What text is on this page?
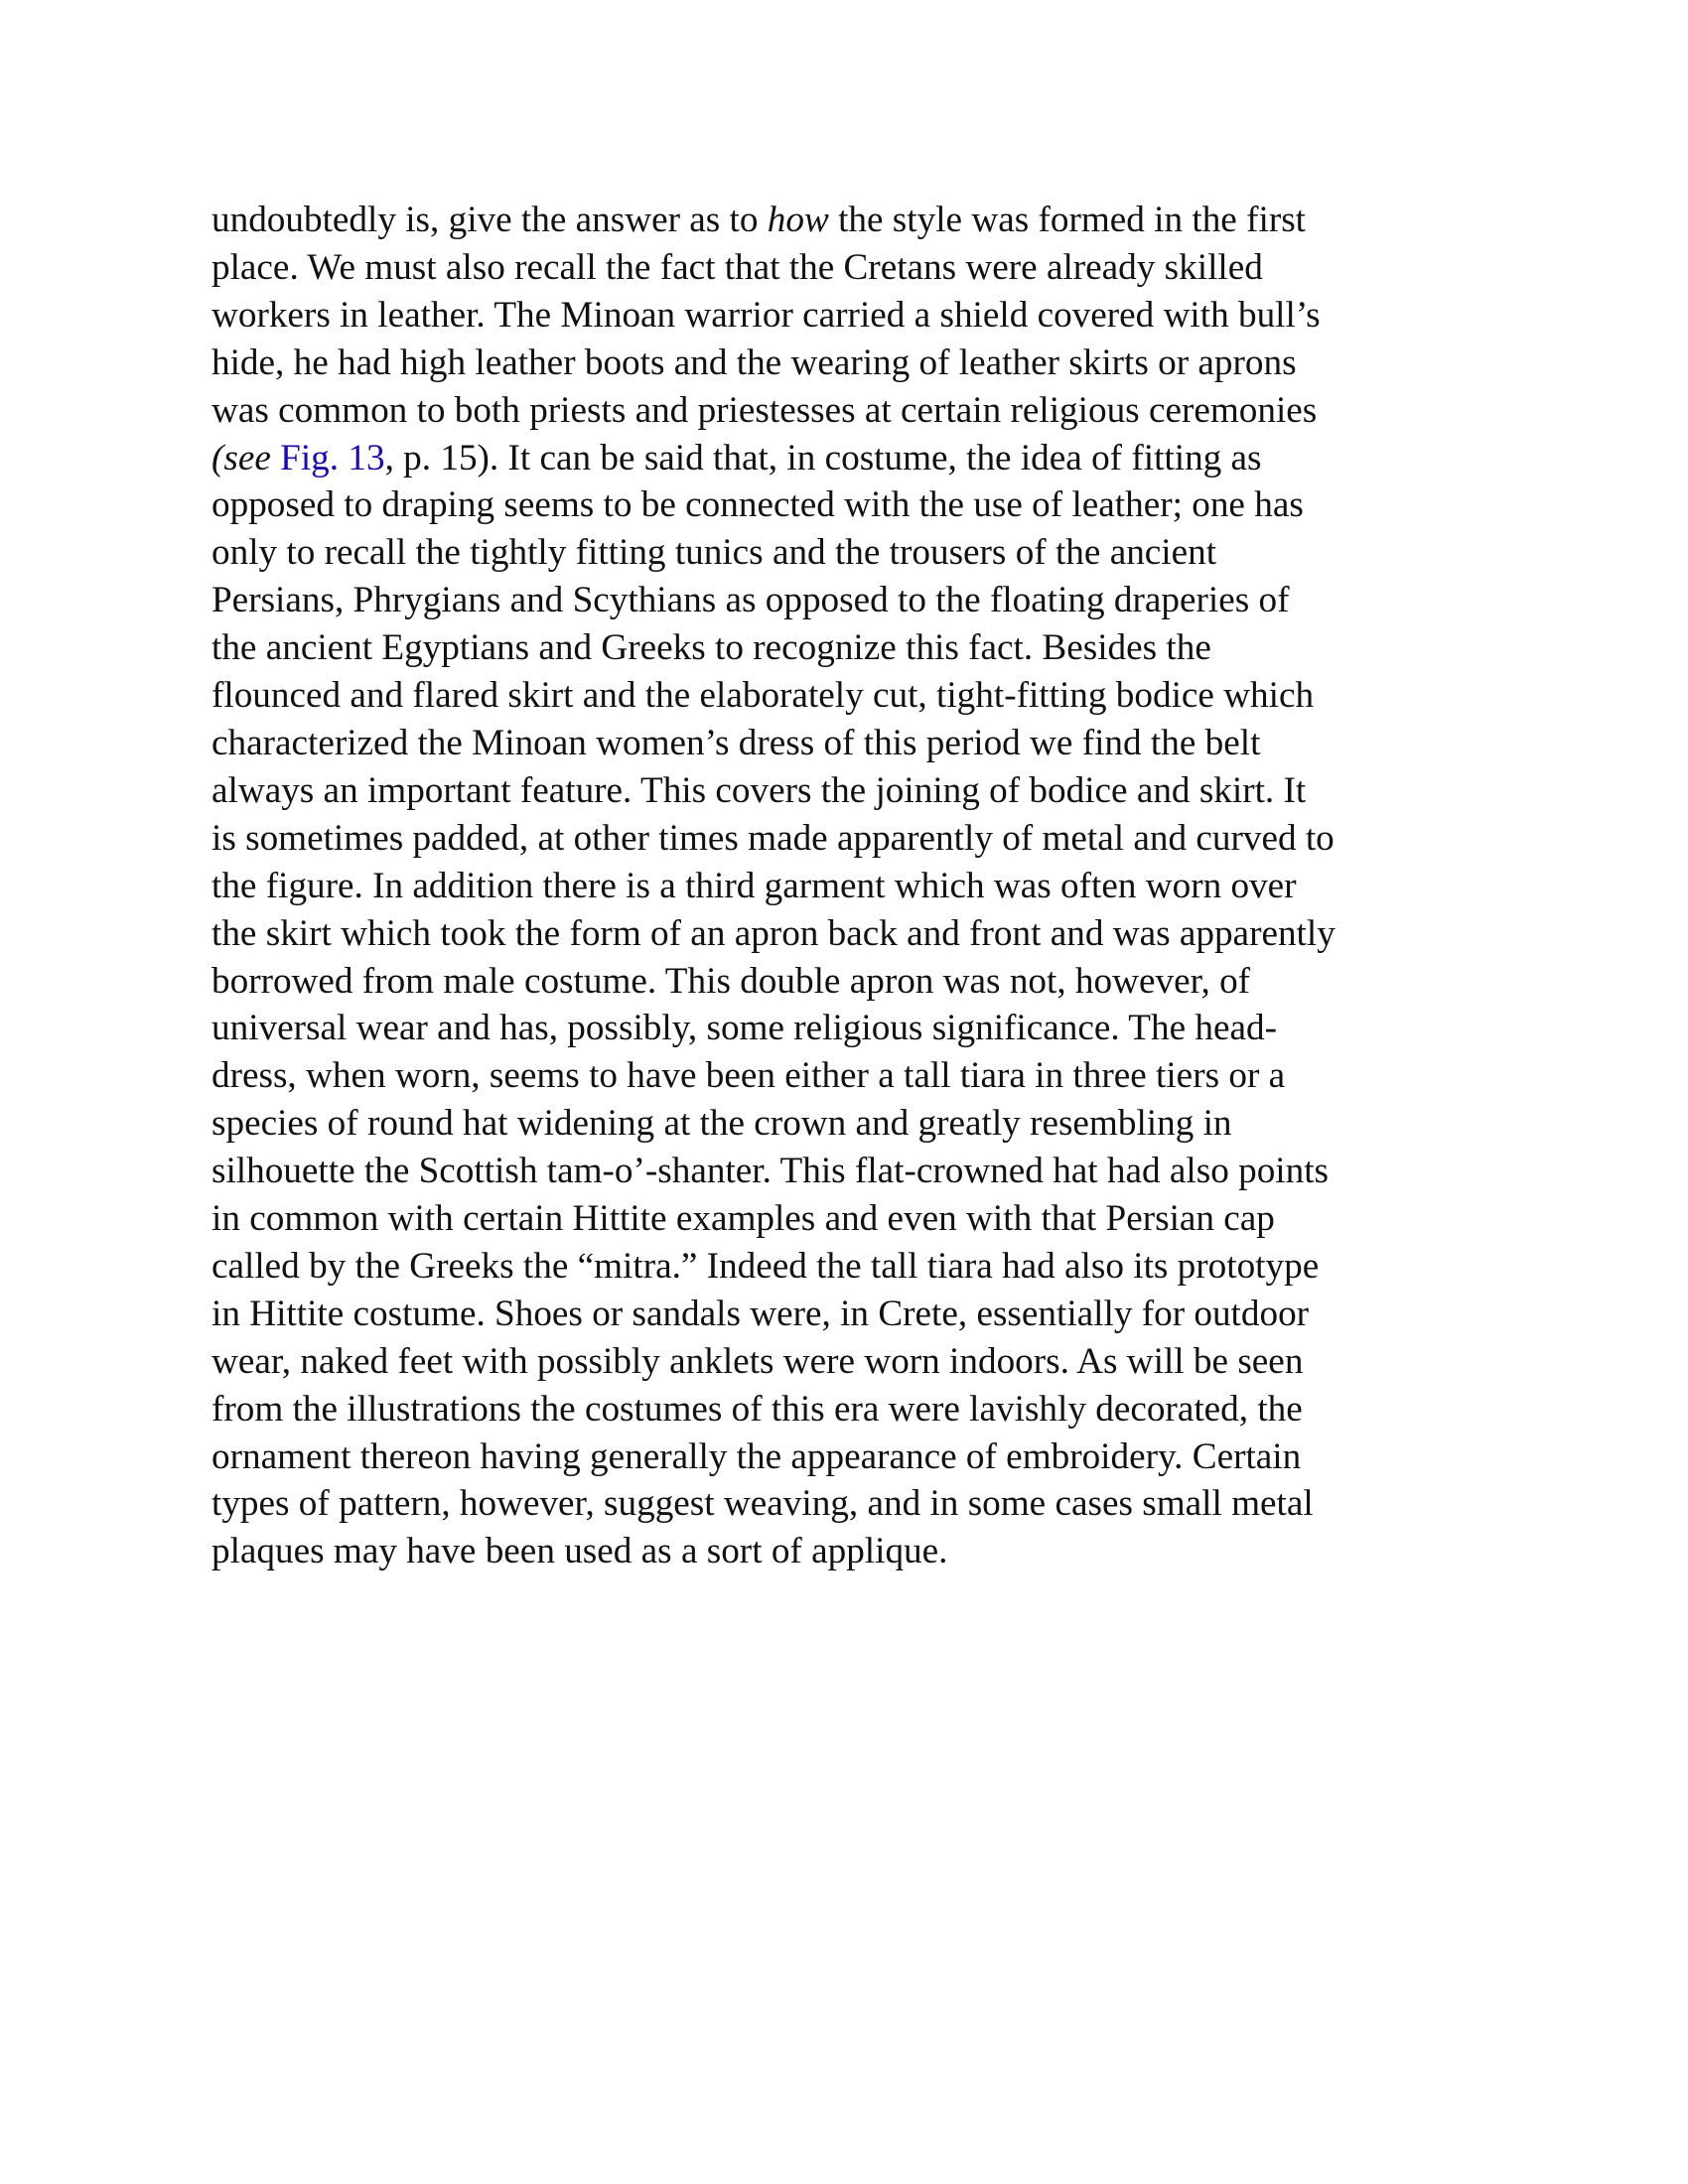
undoubtedly is, give the answer as to how the style was formed in the first
place. We must also recall the fact that the Cretans were already skilled
workers in leather. The Minoan warrior carried a shield covered with bull’s
hide, he had high leather boots and the wearing of leather skirts or aprons
was common to both priests and priestesses at certain religious ceremonies
(see Fig. 13, p. 15). It can be said that, in costume, the idea of fitting as
opposed to draping seems to be connected with the use of leather; one has
only to recall the tightly fitting tunics and the trousers of the ancient
Persians, Phrygians and Scythians as opposed to the floating draperies of
the ancient Egyptians and Greeks to recognize this fact. Besides the
flounced and flared skirt and the elaborately cut, tight-fitting bodice which
characterized the Minoan women’s dress of this period we find the belt
always an important feature. This covers the joining of bodice and skirt. It
is sometimes padded, at other times made apparently of metal and curved to
the figure. In addition there is a third garment which was often worn over
the skirt which took the form of an apron back and front and was apparently
borrowed from male costume. This double apron was not, however, of
universal wear and has, possibly, some religious significance. The head-
dress, when worn, seems to have been either a tall tiara in three tiers or a
species of round hat widening at the crown and greatly resembling in
silhouette the Scottish tam-o’-shanter. This flat-crowned hat had also points
in common with certain Hittite examples and even with that Persian cap
called by the Greeks the “mitra.” Indeed the tall tiara had also its prototype
in Hittite costume. Shoes or sandals were, in Crete, essentially for outdoor
wear, naked feet with possibly anklets were worn indoors. As will be seen
from the illustrations the costumes of this era were lavishly decorated, the
ornament thereon having generally the appearance of embroidery. Certain
types of pattern, however, suggest weaving, and in some cases small metal
plaques may have been used as a sort of applique.
